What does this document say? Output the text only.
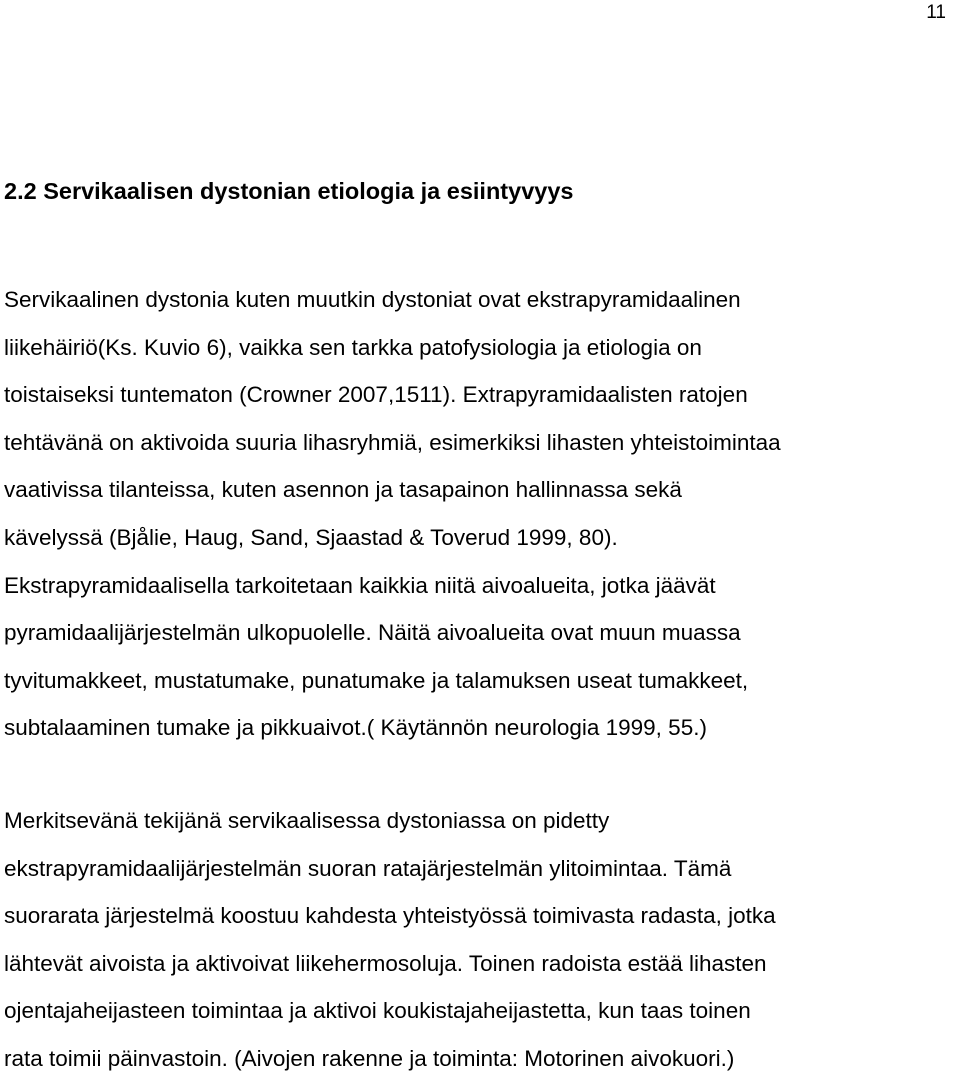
11
2.2 Servikaalisen dystonian etiologia ja esiintyvyys

Servikaalinen dystonia kuten muutkin dystoniat ovat ekstrapyramidaalinen
liikehäiriö(Ks. Kuvio 6), vaikka sen tarkka patofysiologia ja etiologia on
toistaiseksi tuntematon (Crowner 2007,1511). Extrapyramidaalisten ratojen
tehtävänä on aktivoida suuria lihasryhmiä, esimerkiksi lihasten yhteistoimintaa
vaativissa tilanteissa, kuten asennon ja tasapainon hallinnassa sekä
kävelyssä (Bjålie, Haug, Sand, Sjaastad & Toverud 1999, 80).
Ekstrapyramidaalisella tarkoitetaan kaikkia niitä aivoalueita, jotka jäävät
pyramidaalijärjestelmän ulkopuolelle. Näitä aivoalueita ovat muun muassa
tyvitumakkeet, mustatumake, punatumake ja talamuksen useat tumakkeet,
subtalaaminen tumake ja pikkuaivot.( Käytännön neurologia 1999, 55.)

Merkitsevänä tekijänä servikaalisessa dystoniassa on pidetty
ekstrapyramidaalijärjestelmän suoran ratajärjestelmän ylitoimintaa. Tämä
suorarata järjestelmä koostuu kahdesta yhteistyössä toimivasta radasta, jotka
lähtevät aivoista ja aktivoivat liikehermosoluja. Toinen radoista estää lihasten
ojentajaheijasteen toimintaa ja aktivoi koukistajaheijastetta, kun taas toinen
rata toimii päinvastoin. (Aivojen rakenne ja toiminta: Motorinen aivokuori.)
